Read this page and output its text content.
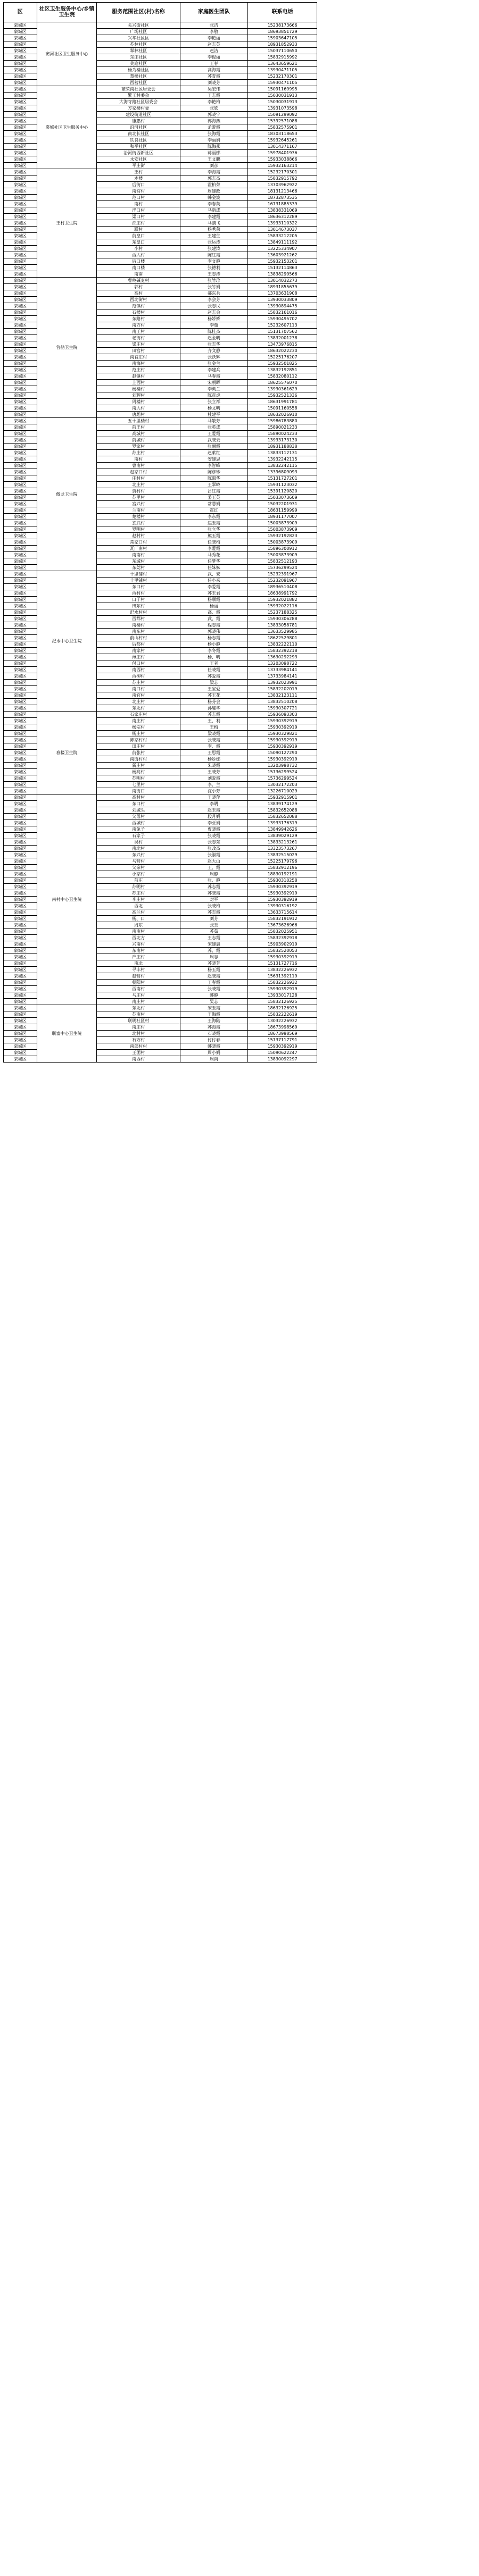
区	社区卫生服务中心/乡镇卫生院	服务范围社区(村)名称	家庭医生团队	联系电话
栾城区	窦河社区卫生服务中心	关兴街社区	张洁	15238173666
栾城区		广场社区	李敬	18693851729
栾城区		兴华社区区	李艳丽	15903647105
栾城区		苏林社区	赵志英	18931852933
栾城区		翠林社区	赵洁	15037110650
栾城区		东庄社区	李俊丽	15832915992
栾城区		美庭社区	王春	13643659621
栾城区		杨为楼社区	高海霞	13930471105
栾城区		慧楼社区	苏青霞	15232170301
栾城区		西营社区	刘晓芳	15930471105
栾城区	裳城社区卫生服务中心	繁荣南社区居委会	吴宏伟	15091169995
栾城区		繁工村委会	王志霞	15030031913
栾城区		大海寺路社区居委会	李艳梅	15030031913
栾城区		方家楼村委	张欣	13931073598
栾城区		建设街道社区	郭晓宁	15091299092
栾城区		康惠村	郭海燕	15392571088
栾城区		沿河社区	孟爱霞	15832575901
栾城区		南北长社区	张海霞	18303118653
栾城区		铁良社区	李丽娟	15932645261
栾城区		和平社区	陈海燕	13014371167
栾城区		沿河街西新社区	蒋丽娜	15978401936
栾城区		永安社区	王文鹏	15933038866
栾城区		平庄街	刘彦	15932163214
栾城区	王村卫生院	王村	李海霞	15232170301
栾城区		本楼	郭志杰	15832915792
栾城区		后街口	霍柏荣	13703962922
栾城区		南宫村	周建政	18131213466
栾城区		范口村	韩金波	18732873535
栾城区		南村	李春英	16731885339
栾城区		洋口村	马新成	13838331069
栾城区		梁口村	李建霞	18636312289
栾城区		邵庄村	马鹏飞	13933110322
栾城区		联村	杨秀荣	13014673037
栾城区		前皇口	王建生	15833212205
栾城区		东皇口	张运涛	13849111192
栾城区		小村	张建涛	13225334907
栾城区		西大村	陈红霞	13603921262
栾城区		后口楼	李文静	15932153201
栾城区		南口楼	张德利	15132114863
栾城区		南南	王志涛	13838299566
栾城区	营鹤卫生院	曹岭碱麦村	张竹珍	13014032273
栾城区		郭村	张竹娟	18931855679
栾城区		高村	郝东兵	13703631908
栾城区		西北街村	李会芳	13930033809
栾城区		范镇村	张志民	13930894475
栾城区		石楼村	赵志会	15832161016
栾城区		东路村	杨娇娇	15930495702
栾城区		南方村	李茹	15232607113
栾城区		南王村	陈桂杰	15131707562
栾城区		老街村	赵金明	13832001238
栾城区		梁庄村	张志华	13473976815
栾城区		田宫村	齐文静	18632022230
栾城区		南官庄村	张跃辉	15225176207
栾城区		南海村	张金兰	15932501825
栾城区		范庄村	李建兵	13832192851
栾城区		赵镇村	马春霞	15832080112
栾城区		上西村	宋朝晖	18625576070
栾城区		杨楼村	李英兰	13930361629
栾城区		刘辉村	陈彦虎	15932521336
栾城区		周楼村	张立祥	18631991781
栾城区		南大村	杨文明	15091160558
栾城区		唐彪村	杜建平	18632026910
栾城区	傲龙卫生院	五十里楼村	马敬芳	15986783880
栾城区		前王村	张英成	15890021233
栾城区		高城村	王爱霞	15890024233
栾城区		前城村	武晓云	13933173130
栾城区		罗家村	张丽霞	18931188838
栾城区		苏庄村	赵献红	13833112131
栾城区		南村	安建思	13932242115
栾城区		曹南村	李智峰	13832242115
栾城区		赵家口村	陈彦珍	13396809093
栾城区		庄村村	陈淑华	15131727201
栾城区		北庄村	王翠岭	15931123032
栾城区		贾村村	吕红霞	15391120820
栾城区		苏里村	姜玉英	15033073609
栾城区		宫兴村	常慧娟	15032201931
栾城区		兰南村	霍红	18631159999
栾城区		楚楼村	李东霞	18931177007
栾城区		玄武村	焦玉霞	15003873909
栾城区		罗明村	张立华	15003873909
栾城区		赵村村	熊玉霞	15932192823
栾城区		常家口村	任晓梅	15003873909
栾城区		瓦厂南村	李爱霞	15896300912
栾城区		南南村	马秀花	15003873909
栾城区		东城村	任梦华	15832512193
栾城区		东莞村	任妹妹	15736299524
栾城区	汜水中心卫生院	十里铺村	武、安	15232391967
栾城区		十里铺村	任小来	15232091967
栾城区		东口村	李爱霞	18936510408
栾城区		西村村	苏玉君	18638991792
栾城区		口子村	杨顺霞	15932021882
栾城区		田东村	杨丽	15932022116
栾城区		汜水村村	高、霞	15237188325
栾城区		西都村	武、霞	15930306288
栾城区		南楼村	程志霞	13833058781
栾城区		南东村	郭晓伟	13633529985
栾城区		前山村村	杨志霞	18622529801
栾城区		后都村	杨小静	13832222110
栾城区		南家村	李冬霞	15832392218
栾城区		薄庄村	杨、明	13630292293
栾城区		付口村	王者	13203098722
栾城区		南西村	任晓霞	13733984141
栾城区		西柳村	苏爱霞	13733984141
栾城区		苏庄村	梁志	13932023991
栾城区		南口村	王宝爱	15832202019
栾城区		南官村	苏玉花	13832123111
栾城区		北庄村	杨芬会	13832510208
栾城区		东北村	孙耀华	15930307721
栾城区	春楼卫生院	石家庄村	苏志霞	15936093303
栾城区		南庄村	王、利	15930392919
栾城区		杨宗村	王梅	15930392919
栾城区		杨庄村	梁晓霞	15930329821
栾城区		陈家村村	张晓霞	15930392919
栾城区		田庄村	李、霞	15930392919
栾城区		前张村	王思霞	15090127290
栾城区		南街村村	杨娇娜	15930392919
栾城区		新庄村	朱晓霞	13203998732
栾城区		杨亮村	王晓芳	15736299524
栾城区		苏明村	刘爱霞	15736299524
栾城区		七里村	李、兰	13032172203
栾城区		南街口	沈小芳	13226710029
栾城区	南村中心卫生院	高村村	王晓萍	15932915901
栾城区		东口村	李明	13839174129
栾城区		刘城头	赵玉霞	15832652088
栾城区		父母村	段月娟	15832652088
栾城区		西城村	李亚娟	13933176319
栾城区		南兔子	曹晓霞	13849942626
栾城区		石家子	张晓霞	13839029129
栾城区		吴村	张志东	13833213261
栾城区		南北村	张改杰	13323573267
栾城区		东兴村	张淑霞	13832515029
栾城区		马营村	赵大山	15225179796
栾城区		父亲村	王、霞	15832912196
栾城区		小家村	周静	18830192191
栾城区		前庄	张、静	15930310258
栾城区		苏明村	苏志霞	15930392919
栾城区		苏庄村	苏晓霞	15930392919
栾城区		李庄村	对平	15930392919
栾城区		西北	张晓梅	13930316192
栾城区		高兰村	苏志霞	13633715614
栾城区		杨、口	刘芳	15832191912
栾城区		周东	张玉	13673626966
栾城区		南南村	苏茹	15832025951
栾城区		西北方	王志霞	15832392918
栾城区		兴南村	宋建晨	15903902919
栾城区		东南村	苏、霞	15832520053
栾城区		产庄村	周志	15930392919
栾城区		南北	苏晓芳	15131727716
栾城区		寻丰村	杨玉霞	13832226932
栾城区		赵营村	赵晓霞	15631392119
栾城区		朝阳村	王春霞	15832226932
栾城区		西南村	张晓霞	15930392919
栾城区		马庄村	韩静	13933017128
栾城区		南庄村	吴志	15832126925
栾城区	联富中心卫生院	东北村	宋玉霞	18632126925
栾城区		苏南村	王海霞	15832222619
栾城区		联明社区村	王海陆	13032226932
栾城区		南庄村	苏海霞	18673998569
栾城区		北村村	石晓霞	18673998569
栾城区		石方村	付付春	15737117791
栾城区		南郎村村	韩晓霞	15930392919
栾城区		王团村	周小娟	15090622247
栾城区		南西村	周南	13830092297
